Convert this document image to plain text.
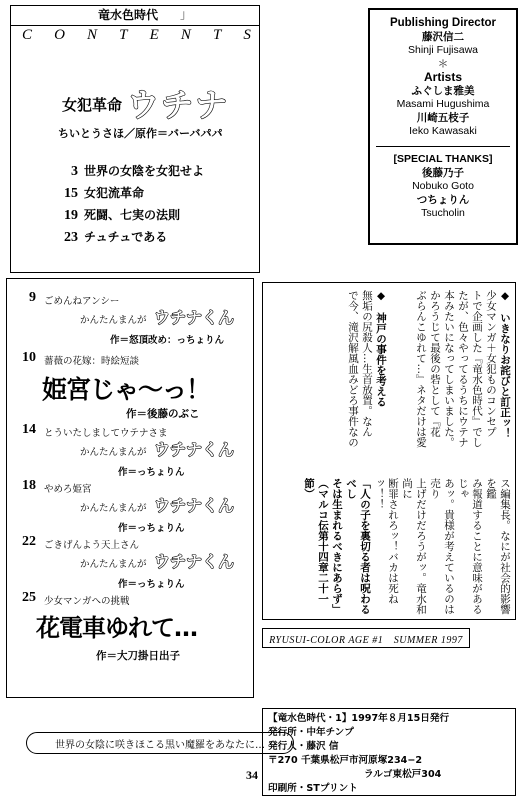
竜水色時代 」
C O N T E N T S
女犯革命 ウチナ
ちいとうさほ／原作＝バーバパパ
3 世界の女陰を女犯せよ
15 女犯流革命
19 死闘、七実の法則
23 チュチュである
Publishing Director
藤沢信二
Shinji Fujisawa
＊
Artists
ふぐしま雅美
Masami Hugushima
川崎五枝子
Ieko Kawasaki
[SPECIAL THANKS]
後藤乃子
Nobuko Goto
つちょりん
Tsucholin
9 ごめんねアンシー
かんたんまんが ウチナくん
作＝怒頂改め：っちょりん
10 薔薇の花嫁：時絵短談
姫宮じゃ〜っ！
作＝後藤のぶこ
14 とういたしましてウテナさま
かんたんまんが ウチナくん
作＝っちょりん
18 やめろ姫宮
かんたんまんが ウチナくん
作＝っちょりん
22 ごきげんよう天上さん
かんたんまんが ウチナくん
作＝っちょりん
25 少女マンガへの挑戦
花電車ゆれて…
作＝大刀掛日出子
◆　いきなりお詫びと訂正ッ！
少女マンガ＋女犯ものコンセプ
トで企画した『竜水色時代』でし
たが、色々やってるうちにウテナ
本みたいになってしまいました。
かろうじて最後の砦として『花
ぶらんこゆれて…』ネタだけは愛
◆　神戸の事件を考える
無垢の尻殺人…生首放置。なん
で今、滝沢解風血みどろ事件なの
ス編集長。なにが社会的影響を鑑
み報道することに意味があるじゃ
あッ。貴様が考えているのは売り
上げだけだろうがッ。竜水和尚に
断罪されろッ！バカは死ねッ！！
「人の子を裏切る者は呪わるべし
そは生まれるべきにあらず」
（マルコ伝第十四章二十一節）
RYUSUI-COLOR AGE #1　SUMMER 1997
【竜水色時代・1】1997年８月15日発行
発行所・中年チンプ
発行人・藤沢 信
〒270 千葉県松戸市河原塚234−2
ラルゴ東松戸304
印刷所・STプリント
世界の女陰に咲きほこる黒い魔羅をあなたに…
34
